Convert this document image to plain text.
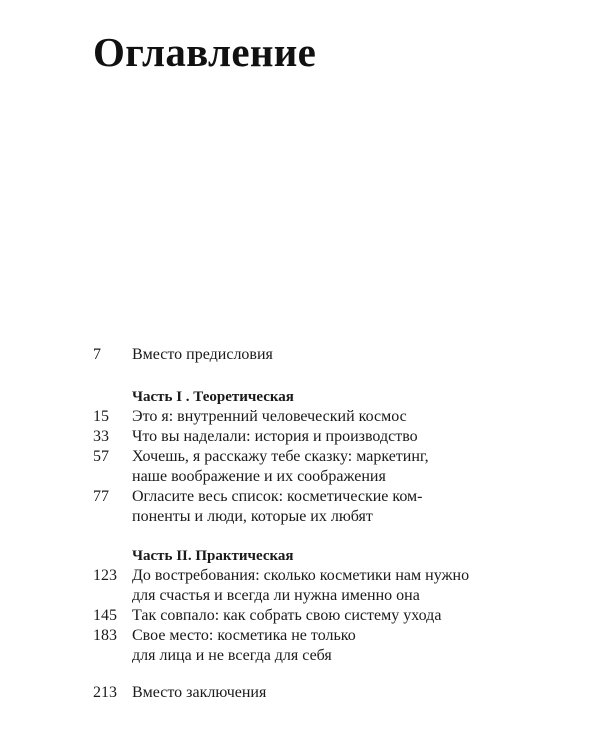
Оглавление
7	Вместо предисловия
Часть I . Теоретическая
15	Это я: внутренний человеческий космос
33	Что вы наделали: история и производство
57	Хочешь, я расскажу тебе сказку: маркетинг,
наше воображение и их соображения
77	Огласите весь список: косметические ком-
поненты и люди, которые их любят
Часть II. Практическая
123 До востребования: сколько косметики нам нужно
для счастья и всегда ли нужна именно она
145 Так совпало: как собрать свою систему ухода
183 Свое место: косметика не только
для лица и не всегда для себя
213 Вместо заключения
